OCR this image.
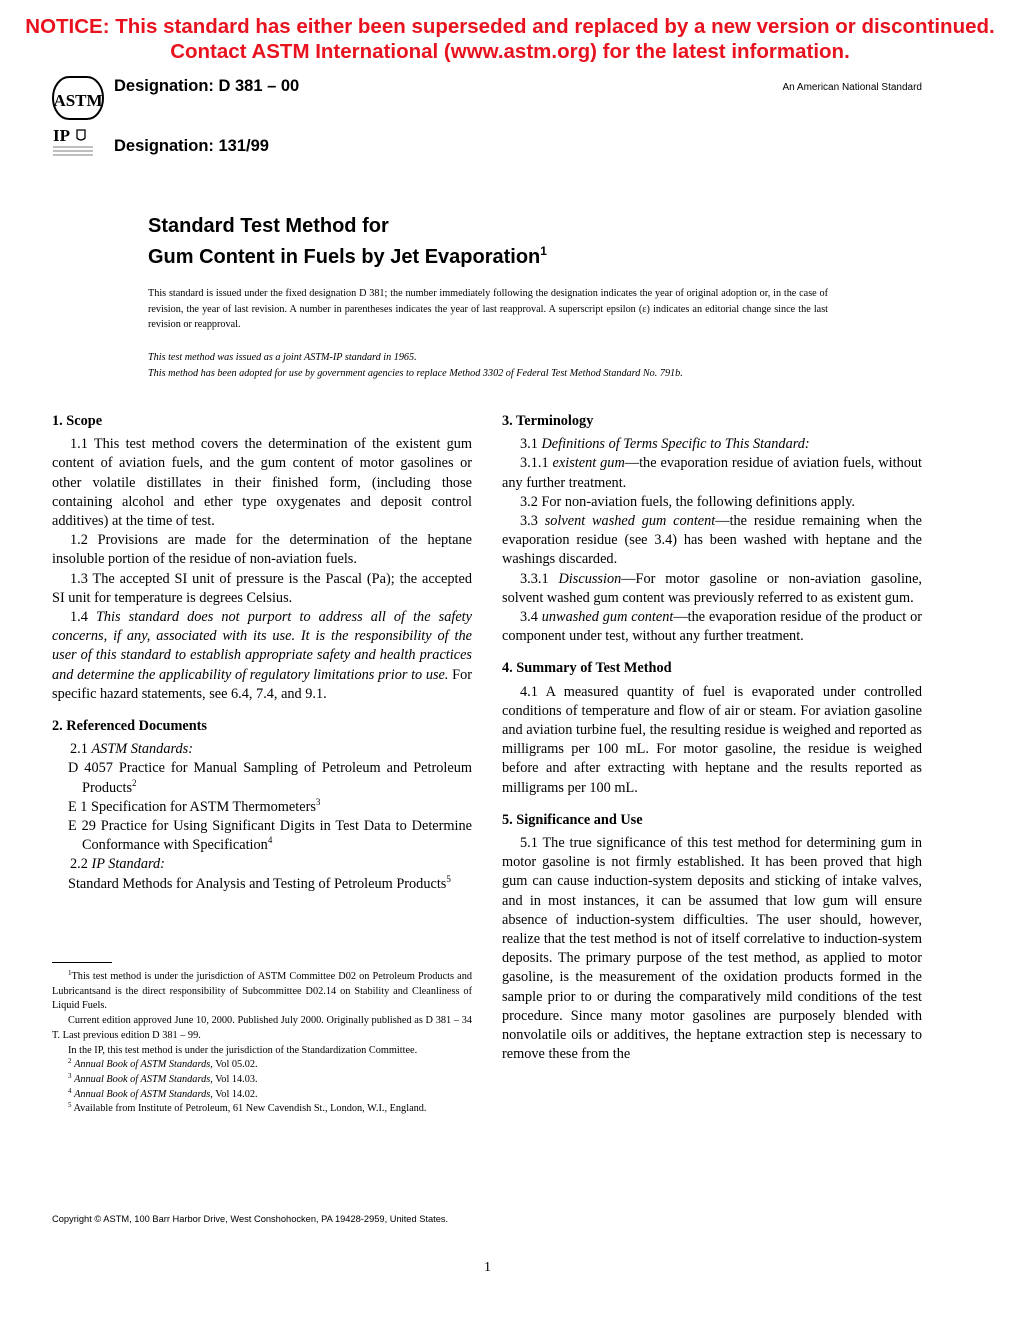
NOTICE: This standard has either been superseded and replaced by a new version or discontinued.
Contact ASTM International (www.astm.org) for the latest information.
ASTM
IP
Designation: D 381 – 00
Designation: 131/99
An American National Standard
Standard Test Method for
Gum Content in Fuels by Jet Evaporation$^1$
This standard is issued under the fixed designation D 381; the number immediately following the designation indicates the year of original adoption or, in the case of revision, the year of last revision. A number in parentheses indicates the year of last reapproval. A superscript epsilon (ε) indicates an editorial change since the last revision or reapproval.
This test method was issued as a joint ASTM-IP standard in 1965.
This method has been adopted for use by government agencies to replace Method 3302 of Federal Test Method Standard No. 791b.
1. Scope

1.1 This test method covers the determination of the existent gum content of aviation fuels, and the gum content of motor gasolines or other volatile distillates in their finished form, (including those containing alcohol and ether type oxygenates and deposit control additives) at the time of test.

1.2 Provisions are made for the determination of the heptane insoluble portion of the residue of non-aviation fuels.

1.3 The accepted SI unit of pressure is the Pascal (Pa); the accepted SI unit for temperature is degrees Celsius.

1.4 This standard does not purport to address all of the safety concerns, if any, associated with its use. It is the responsibility of the user of this standard to establish appropriate safety and health practices and determine the applicability of regulatory limitations prior to use. For specific hazard statements, see 6.4, 7.4, and 9.1.

2. Referenced Documents

2.1 ASTM Standards:

D 4057 Practice for Manual Sampling of Petroleum and Petroleum Products$^2$

E 1 Specification for ASTM Thermometers$^3$

E 29 Practice for Using Significant Digits in Test Data to Determine Conformance with Specification$^4$

2.2 IP Standard:

Standard Methods for Analysis and Testing of Petroleum Products$^5$

3. Terminology

3.1 Definitions of Terms Specific to This Standard:

3.1.1 existent gum—the evaporation residue of aviation fuels, without any further treatment.

3.2 For non-aviation fuels, the following definitions apply.

3.3 solvent washed gum content—the residue remaining when the evaporation residue (see 3.4) has been washed with heptane and the washings discarded.

3.3.1 Discussion—For motor gasoline or non-aviation gasoline, solvent washed gum content was previously referred to as existent gum.

3.4 unwashed gum content—the evaporation residue of the product or component under test, without any further treatment.

4. Summary of Test Method

4.1 A measured quantity of fuel is evaporated under controlled conditions of temperature and flow of air or steam. For aviation gasoline and aviation turbine fuel, the resulting residue is weighed and reported as milligrams per 100 mL. For motor gasoline, the residue is weighed before and after extracting with heptane and the results reported as milligrams per 100 mL.

5. Significance and Use

5.1 The true significance of this test method for determining gum in motor gasoline is not firmly established. It has been proved that high gum can cause induction-system deposits and sticking of intake valves, and in most instances, it can be assumed that low gum will ensure absence of induction-system difficulties. The user should, however, realize that the test method is not of itself correlative to induction-system deposits. The primary purpose of the test method, as applied to motor gasoline, is the measurement of the oxidation products formed in the sample prior to or during the comparatively mild conditions of the test procedure. Since many motor gasolines are purposely blended with nonvolatile oils or additives, the heptane extraction step is necessary to remove these from the

$^1$This test method is under the jurisdiction of ASTM Committee D02 on Petroleum Products and Lubricantsand is the direct responsibility of Subcommittee D02.14 on Stability and Cleanliness of Liquid Fuels.

Current edition approved June 10, 2000. Published July 2000. Originally published as D 381 – 34 T. Last previous edition D 381 – 99.

In the IP, this test method is under the jurisdiction of the Standardization Committee.

$^2$ Annual Book of ASTM Standards, Vol 05.02.

$^3$ Annual Book of ASTM Standards, Vol 14.03.

$^4$ Annual Book of ASTM Standards, Vol 14.02.

$^5$ Available from Institute of Petroleum, 61 New Cavendish St., London, W.I., England.

Copyright © ASTM, 100 Barr Harbor Drive, West Conshohocken, PA 19428-2959, United States.
1
